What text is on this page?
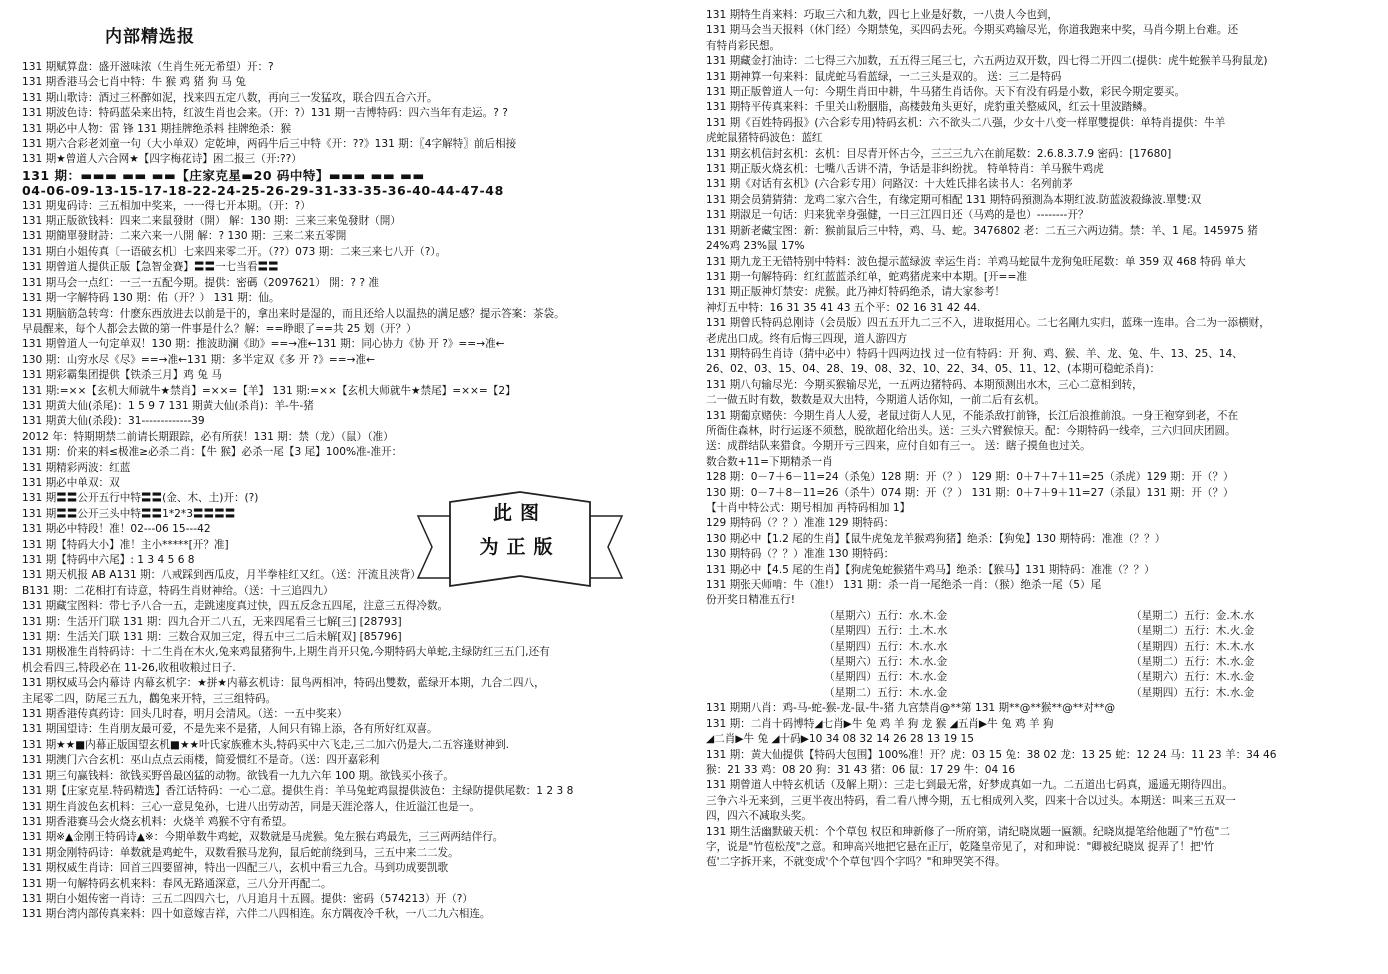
内部精选报
131 期赋算盘：盛开滋味浓（生肖生死无希望）开：?
131 期香港马会七肖中特：牛 猴 鸡 猪 狗 马 兔
131 期山歌诗：酒过三杯醉如泥，找来四五定八数，再向三一发猛攻，联合四五合六开。
131 期波色诗：特码蓝朵来出特，红波生肖也会来。（开：?）131 期一吉博特码：四六当年有走运。? ?
131 期必中人物：雷 锋 131 期挂牌绝杀料 挂牌绝杀：猴
131 期六合彩老刘童一句（大小单双）定乾坤，两码牛后三中特《开：??》131 期：〖4字解特〗前后相接
131 期★曾道人六合网★【四字梅花诗】困二报三（开:??）
131 期：▬▬▬ ▬▬ ▬▬【庄家克星▬20 码中特】▬▬▬ ▬▬ ▬▬
04-06-09-13-15-17-18-22-24-25-26-29-31-33-35-36-40-44-47-48
131 期鬼码诗：三五相加中奖来，一一得七开本期。（开：?）
131 期正版欲钱料：四来二来鼠發財（開） 解：130 期：三来三来兔發財（開）
131 期簡單發財詩：二来六来一八開 解：? 130 期：三来二来五零開
131 期白小姐传真〔一语破玄机〕七来四来零二开。（??）073 期：二来三来七八开（?）。
131 期曾道人提供正版【急智金賽】〓〓一七当看〓〓
131 期马会一点红：一三一五配今期。提供：密碼（2097621） 開：? ? 准
131 期一字解特码 130 期：佑（开？） 131 期：仙。
131 期脑筋急转弯：什麽东西放进去以前是干的，拿出来时是湿的，而且还给人以温热的满足感？提示答案：茶袋。
早晨醒来，每个人都会去做的第一件事是什么？解：==睁眼了==共 25 划（开？）
131 期曾道人一句定单双！130 期：推波助澜《助》==→准←131 期：同心协力《协 开 ?》==→准←
130 期：山穷水尽《尽》==→准←131 期：多半定双《多 开 ?》==→准←
131 期彩霸集团提供【铁杀三月】鸡 兔 马
131 期:=××【玄机大师就牛★禁肖】=××=【羊】 131 期:=××【玄机大师就牛★禁尾】=××=【2】
131 期黄大仙(杀尾)：1 5 9 7 131 期黄大仙(杀肖)：羊-牛-猪
131 期黄大仙(杀段)：31-------------39
2012 年：特期期禁二前请长期跟踪，必有所获！131 期：禁（龙）（鼠）（准）
131 期：价来的料≤极准≥必杀二肖：【牛 猴】必杀一尾【3 尾】100%准-准开：
131 期精彩两波：红蓝
131 期必中单双：双
131 期〓〓公开五行中特〓〓(金、木、土)开：(?)
131 期〓〓公开三头中特〓〓1*2*3〓〓〓〓
131 期必中特段！准！02---06 15---42
131 期【特码大小】准！主小*****[开？准]
131 期【特码中六尾】: 1 3 4 5 6 8
131 期天机报 AB A131 期：八戒踩到西瓜皮，月半拳桂红又红。（送：汗流且浃背）
B131 期：二花相打有诗意，特码生肖财神给。（送：十三追四九）
131 期藏宝图料：带七予八合一五，走跳速度真过快，四五反念五四尾，注意三五得冷数。
131 期：生活开门联 131 期：四九合开二八五，无来四尾看三七解[三] [28793]
131 期：生活关门联 131 期：三数合双加三定，得五中三二后未解[双] [85796]
131 期极准生肖特码诗：十二生肖在木火,兔来鸡鼠猪狗牛,上期生肖开只兔,今期特码大单蛇,主绿防红三五门,还有
机会看四三,特段必在 11-26,收租收粮过日子.
131 期权威马会内幕诗 内幕玄机字：★拼★内幕玄机诗：鼠鸟两相冲，特码出雙数，藍绿开本期，九合二四八，
主尾零二四，防尾三五九，鸛兔来开特，三三组特码。
131 期香港传真药诗：回头几时春，明月会清风。（送：一五中奖来）
131 期国望诗：生肖朋友最可爱，不是先来不是猪，人间只有锦上添，各有所好红双喜。
131 期★★■内幕正版国望玄机■★★叶氏家族雅木头,特码买中六飞走,三二加六仍是大,二五容逢财神到.
131 期澳门六合玄机：巫山点点云雨楼，简爱惯红不是奇。（送：四开嘉彩利
131 期三句赢钱料：欲钱买野兽最凶猛的动物。欲钱看一九九六年 100 期。欲钱买小孩子。
131 期【庄家克星.特码精选】香江话特码：一心二意。提供生肖：羊马兔蛇鸡鼠提供波色：主绿防提供尾数：1 2 3 8
131 期生肖波色玄机料：三心一意見兔孙，七进八出劳动苦，同是天涯沦落人，住近溢江也是一。
131 期香港赛马会火烧玄机料：火烧羊 鸡猴不守有希望。
131 期※▲金刚王特码诗▲※：今期单数牛鸡蛇，双数就是马虎猴。兔左猴右鸡最先，三三两两结伴行。
131 期金刚特码诗：单数就是鸡蛇牛，双数看猴马龙狗，鼠后蛇前绕到马，三五中来二二发。
131 期权威生肖诗：回首三四要留神，特出一四配三八，玄机中看三九合。马到功成要凯歌
131 期一句解特码玄机来料：春风无路通深意，三八分开再配二。
131 期白小姐传密一肖诗：三五二四四六七，八月追月十五圆。提供：密码（574213）开（?）
131 期台湾内部传真来料：四十如意嫁吉祥，六伴二八四相连。东方隅夜冷千秋，一八二九六相连。
此图
为正版
131 期特生肖来料：巧取三六和九数，四七上业是好数，一八贵人今也到，
131 期马会当天报料（休门经）今期禁兔，买四码去死。今期买鸡输尽光，你道我跑来中奖，马肖今期上台难。还
有特肖彩民想。
131 期藏金打油诗：二七得三六加数，五五得三尾三七，六五两边双开数，四七得二开四二(提供：虎牛蛇猴羊马狗鼠龙)
131 期神算一句来料：鼠虎蛇马看蓝绿，一二三头是双的。 送：三二是特码
131 期正版曾道人一句：今期生肖田中耕，牛马猪生肖话你。天下有没有码是小数，彩民今期定要买。
131 期特平传真来料：千里关山粉胭脂，高楼鼓角头更好，虎豹重关整威风，红云十里波踏鳞。
131 期《百姓特码报》(六合彩专用)特码玄机：六不欲头二八强，少女十八变一样單雙提供：单特肖提供：牛羊
虎蛇鼠猪特码波色：蓝红
131 期玄机信封玄机：玄机：目尽青开怀古今，三三三九六在前尾数：2.6.8.3.7.9 密码：[17680]
131 期正版火烧玄机：七嘴八舌讲不清，争话是非纠纷扰。 特单特肖：羊马猴牛鸡虎
131 期《对话有玄机》(六合彩专用）问路汉：十大姓氏排名读书人：名列前茅
131 期会员猜猜猜：龙鸡二家六合生，有缘定期可相配 131 期特码預測為本期红波.防蓝波殺綠波.單雙:双
131 期淑足一句话：归来犹幸身强健，一日三江四日还（马鸡的是也）--------开？
131 期新老藏宝图：新：猴前鼠后三中特，鸡、马、蛇。3476802 老：二五三六两边猜。禁：羊、1 尾。145975 猪
24%鸡 23%鼠 17%
131 期九龙王无错特别中特料：波色提示蓝绿波 幸运生肖：羊鸡马蛇鼠牛龙狗兔旺尾数：单 359 双 468 特码 单大
131 期一句解特码：红红蓝蓝杀红单，蛇鸡猪虎来中本期。[开==准
131 期正版神灯禁安：虎猴。此乃神灯特码绝杀，请大家参考！
神灯五中特：16 31 35 41 43 五个平：02 16 31 42 44.
131 期曾氏特码总刚诗（会员版）四五五开九二三不入，进取挺用心。二七名剛九实归，蓝珠一连串。合二为一添横财，
老虎出口成。终有后悔三四现，道人游四方
131 期特码生肖诗（猜中必中）特码十四两边找 过一位有特码：开 狗、鸡、猴、羊、龙、兔、牛、13、25、14、
26、02、03、15、04、28、19、08、32、10、22、34、05、11、12、(本期可稳蛇杀肖)：
131 期八句输尽光：今期买猴输尽光，一五两边猪特码、本期预测出水木，三心二意相到转，
二一做五时有数，数数是双大出特，今期道人话你知，一前二后有玄机。
131 期葡京赌侠：今期生肖人人爱，老鼠过街人人见，不能杀敌打前锋，长江后浪推前浪。一身王袍穿到老，不在
所衙住森林，时行运逐不须愁，脱欲超化给出头。送：三头六臂猴惊天。配：今期特码一线牵，三六归回庆团圆。
送：成群结队来猎食。今期开亏三四来，应付自如有三一。 送：瞎子摸鱼也过关。
数合数+11=下期精杀一肖
128 期：0－7＋6－11=24（杀兔）128 期：开（？） 129 期：0＋7＋7＋11=25（杀虎）129 期：开（？）
130 期：0－7＋8－11=26（杀牛）074 期：开（？） 131 期：0＋7＋9＋11=27（杀鼠）131 期：开（？）
【十肖中特公式：期号相加 再特码相加 1】
129 期特码（？？）准准 129 期特码：
130 期必中【1.2 尾的生肖】【鼠牛虎兔龙羊猴鸡狗猪】绝杀：【狗兔】130 期特码：准准（？？）
130 期特码（？？）准准 130 期特码：
131 期必中【4.5 尾的生肖】【狗虎兔蛇猴猪牛鸡马】绝杀：【猴马】131 期特码：准准（？？）
131 期张天师啃：牛（准!） 131 期：杀一肖一尾绝杀一肖：（猴）绝杀一尾（5）尾
份开奖日精准五行!
（星期六）五行：水.木.金	（星期二）五行：金.木.水
（星期四）五行：土.木.水	（星期二）五行：木.火.金
（星期四）五行：木.水.水	（星期四）五行：木.木.水
（星期六）五行：木.水.金	（星期二）五行：木.水.金
（星期四）五行：木.水.金	（星期六）五行：木.水.金
（星期二）五行：木.水.金	（星期四）五行：木.水.金
131 期期八肖：鸡-马-蛇-猴-龙-鼠-牛-猪 九宫禁肖@**第 131 期**@**猴**@**对**@
131 期：二肖十码博特◢七肖▶牛 兔 鸡 羊 狗 龙 猴 ◢五肖▶牛 兔 鸡 羊 狗
◢二肖▶牛 兔 ◢十码▶10 34 08 32 14 26 28 13 19 15
131 期：黄大仙提供【特码大包围】100%准！开？虎：03 15 兔：38 02 龙：13 25 蛇：12 24 马：11 23 羊：34 46
猴：21 33 鸡：08 20 狗：31 43 猪：06 鼠：17 29 牛：04 16
131 期曾道人中特玄机话（及解上期）：三走七到最无常，好梦成真如一九。二五道出七码真，遥遥无期待四出。
三争六斗无来到，三更半夜出特码，看二看八博今期，五七相成列入奖，四来十合以过头。本期送：叫来三五双一
四，四六不减取头奖。
131 期生活幽默破天机：个个草包 权臣和珅新修了一所府第，请纪晓岚题一匾额。纪晓岚提笔给他题了"竹苞"二
字，说是"竹苞松茂"之意。和珅高兴地把它悬在正厅，乾隆皇帝见了，对和珅说："卿被纪晓岚 捉弄了！把'竹
苞'二字拆开来，不就变成'个个草包'四个字吗？"和珅哭笑不得。
